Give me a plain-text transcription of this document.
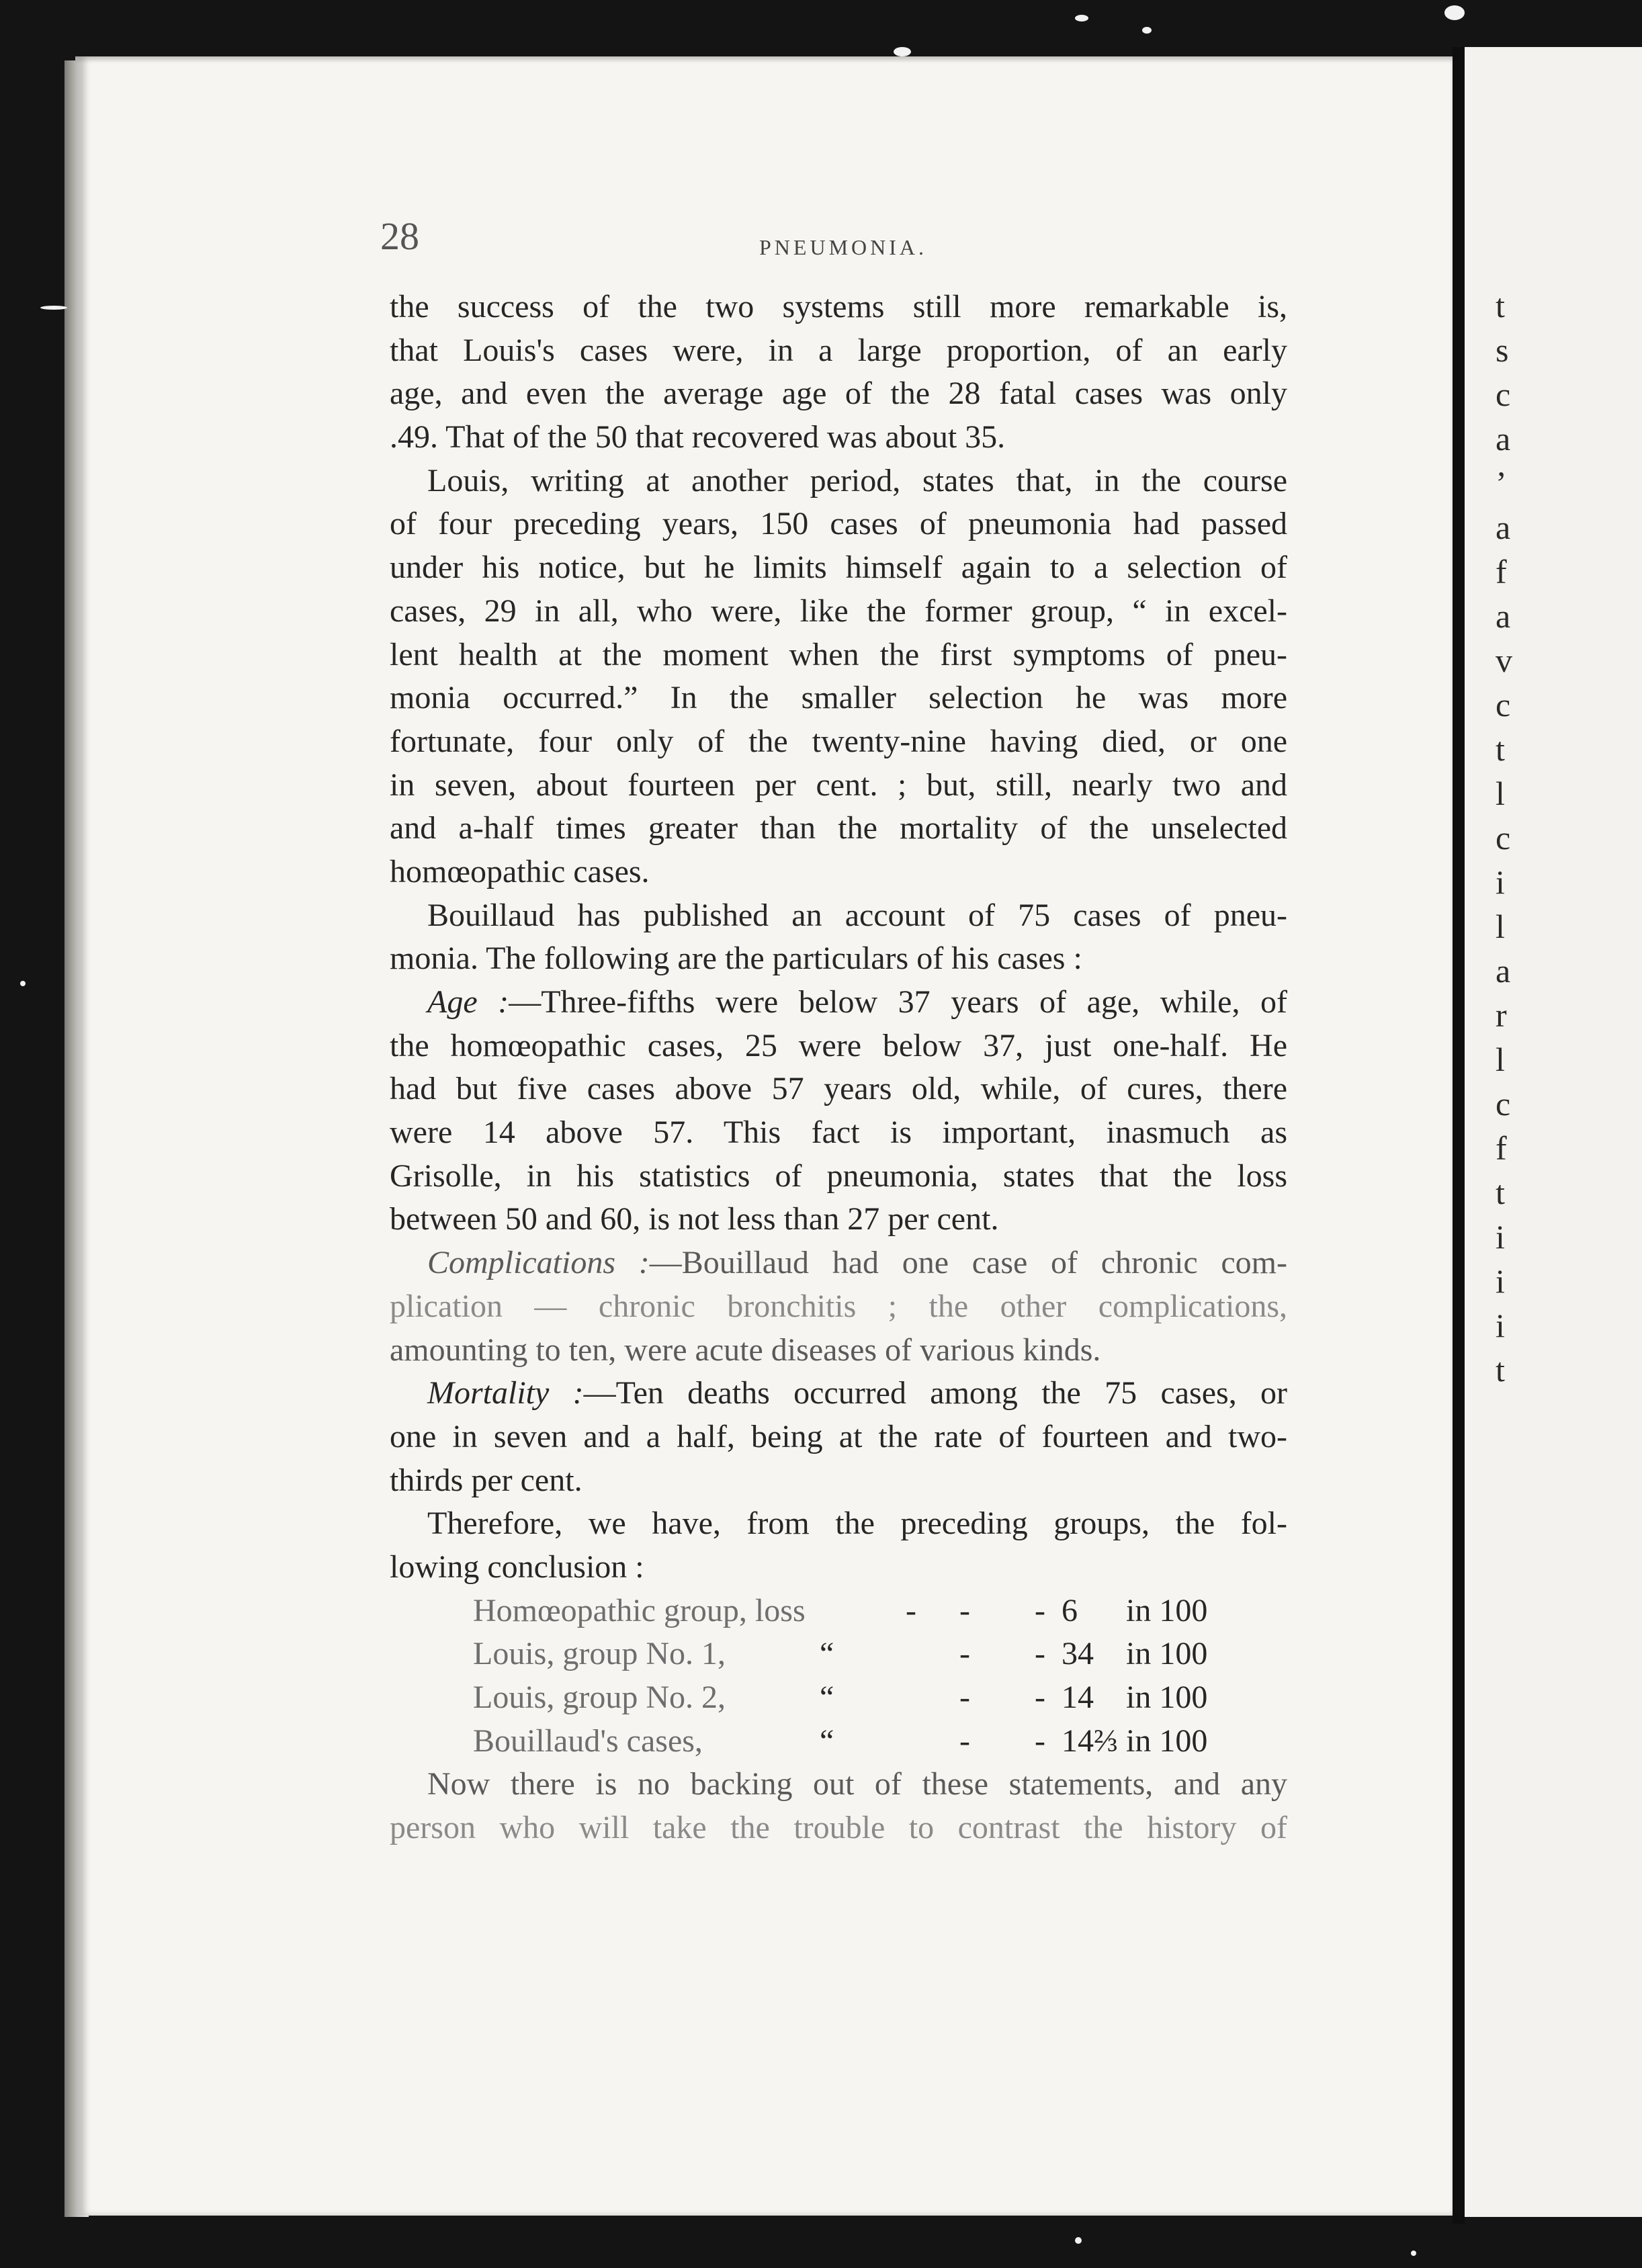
t
s
c
a
ʼ
a
f
a
v
c
t
l
c
i
l
a
r
l
c
f
t
i
i
i
t
28	PNEUMONIA.
the success of the two systems still more remarkable is,
that Louis's cases were, in a large proportion, of an early
age, and even the average age of the 28 fatal cases was only
.49. That of the 50 that recovered was about 35.
Louis, writing at another period, states that, in the course
of four preceding years, 150 cases of pneumonia had passed
under his notice, but he limits himself again to a selection of
cases, 29 in all, who were, like the former group, “ in excel-
lent health at the moment when the first symptoms of pneu-
monia occurred.” In the smaller selection he was more
fortunate, four only of the twenty-nine having died, or one
in seven, about fourteen per cent. ; but, still, nearly two and
and a-half times greater than the mortality of the unselected
homœopathic cases.
Bouillaud has published an account of 75 cases of pneu-
monia. The following are the particulars of his cases :
Age :—Three-fifths were below 37 years of age, while, of
the homœopathic cases, 25 were below 37, just one-half. He
had but five cases above 57 years old, while, of cures, there
were 14 above 57. This fact is important, inasmuch as
Grisolle, in his statistics of pneumonia, states that the loss
between 50 and 60, is not less than 27 per cent.
Complications :—Bouillaud had one case of chronic com-
plication — chronic bronchitis ; the other complications,
amounting to ten, were acute diseases of various kinds.
Mortality :—Ten deaths occurred among the 75 cases, or
one in seven and a half, being at the rate of fourteen and two-
thirds per cent.
Therefore, we have, from the preceding groups, the fol-
lowing conclusion :
Homœopathic group, loss	- - - 6	in 100
Louis, group No. 1,	“	- - 34	in 100
Louis, group No. 2,	“	- - 14	in 100
Bouillaud's cases,	“	- - 14⅔ in 100
Now there is no backing out of these statements, and any
person who will take the trouble to contrast the history of
